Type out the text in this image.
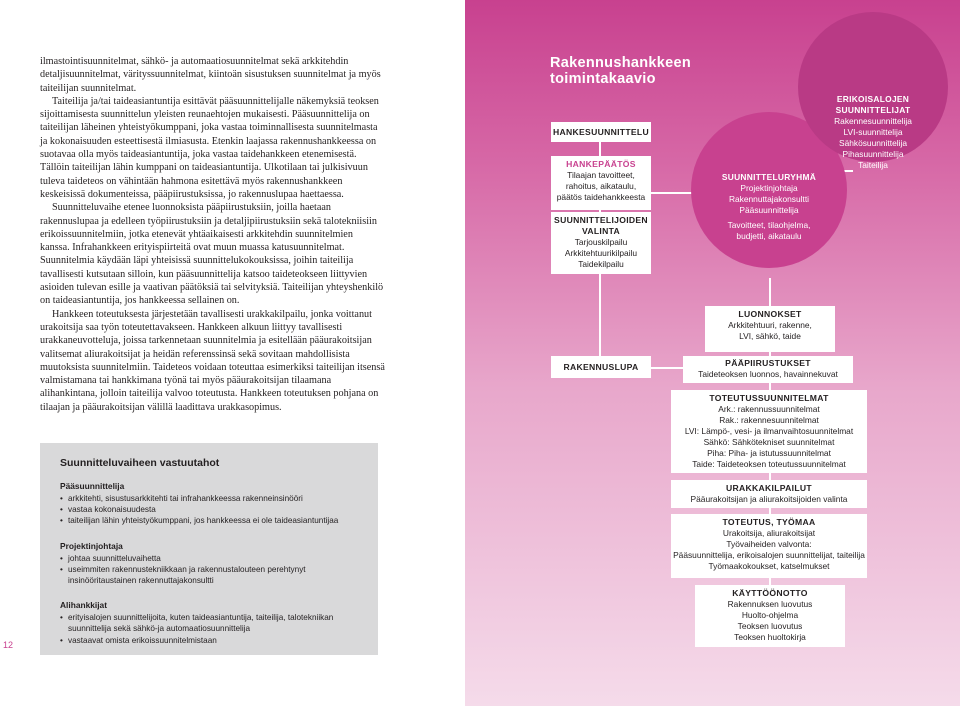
ilmastointisuunnitelmat, sähkö- ja automaatiosuunnitelmat sekä arkkitehdin detaljisuunnitelmat, värityssuunnitelmat, kiintoän sisustuksen suunnitelmat ja myös taiteilijan suunnitelmat.

Taiteilija ja/tai taideasiantuntija esittävät pääsuunnittelijalle näkemyksiä teoksen sijoittamisesta suunnittelun yleisten reunaehtojen mukaisesti. Pääsuunnittelija on taiteilijan läheinen yhteistyökumppani, joka vastaa toiminnallisesta suunnitelmasta ja kokonaisuuden esteettisestä ilmiasusta. Etenkin laajassa rakennushankkeessa on suotavaa olla myös taideasiantuntija, joka vastaa taidehankkeen etenemisestä. Tällöin taiteilijan lähin kumppani on taideasiantuntija. Ulkotilaan tai julkisivuun tuleva taideteos on vähintään hahmona esitettävä myös rakennushankkeen keskeisissä dokumenteissa, pääpiirustuksissa, jo rakennuslupaa haettaessa.

Suunnitteluvaihe etenee luonnoksista pääpiirustuksiin, joilla haetaan rakennuslupaa ja edelleen työpiirustuksiin ja detaljipiirustuksiin sekä talotekniisiin erikoissuunnitelmiin, jotka etenevät yhtäaikaisesti arkkitehdin suunnitelmien kanssa. Infrahankkeen erityispiirteitä ovat muun muassa katusuunnitelmat. Suunnitelmia käydään läpi yhteisissä suunnittelukokouksissa, joihin taiteilija tavallisesti kutsutaan silloin, kun pääsuunnittelija katsoo taideteokseen liittyvien asioiden tulevan esille ja vaativan päätöksiä tai selvityksiä. Taiteilijan yhteyshenkilö on taideasiantuntija, jos hankkeessa sellainen on.

Hankkeen toteutuksesta järjestetään tavallisesti urakkakilpailu, jonka voittanut urakoitsija saa työn toteutettavakseen. Hankkeen alkuun liittyy tavallisesti urakkaneuvotteluja, joissa tarkennetaan suunnitelmia ja esitellään pääurakoitsijan valitsemat aliurakoitsijat ja heidän referenssinsä sekä sovitaan mahdollisista muutoksista suunnitelmiin. Taideteos voidaan toteuttaa esimerkiksi taiteilijan itsensä valmistamana tai hankkimana työnä tai myös pääurakoitsijan tilaamana alihankintana, jolloin taiteilija valvoo toteutusta. Hankkeen toteutuksen pohjana on tilaajan ja pääurakoitsijan välillä laadittava urakkasopimus.

Suunnitteluvaiheen vastuutahot
Pääsuunnittelija
• arkkitehti, sisustusarkkitehti tai infrahankkeessa rakenneinsinööri
• vastaa kokonaisuudesta
• taiteilijan lähin yhteistyökumppani, jos hankkeessa ei ole taideasiantuntijaa
Projektinjohtaja
• johtaa suunnitteluvaihetta
• useimmiten rakennustekniikkaan ja rakennustalouteen perehtynyt insinööritaustainen rakennuttajakonsultti
Alihankkijat
• erityisalojen suunnittelijoita, kuten taideasiantuntija, taiteilija, talotekniikan suunnittelija sekä sähkö-ja automaatiosuunnittelija
• vastaavat omista erikoissuunnitelmistaan
12
Rakennushankkeen toimintakaavio
HANKESUUNNITTELU
HANKEPÄÄTÖS
Tilaajan tavoitteet,
rahoitus, aikataulu,
päätös taidehankkeesta
SUUNNITTELIJOIDEN
VALINTA
Tarjouskilpailu
Arkkitehtuurikilpailu
Taidekilpailu
SUUNNITTELURYHMÄ
Projektinjohtaja
Rakennuttajakonsultti
Pääsuunnittelija
Tavoitteet, tilaohjelma,
budjetti, aikataulu
ERIKOISALOJEN
SUUNNITTELIJAT
Rakennesuunnittelija
LVI-suunnittelija
Sähkösuunnittelija
Pihasuunnittelija
Taiteilija
RAKENNUSLUPA
LUONNOKSET
Arkkitehtuuri, rakenne,
LVI, sähkö, taide
PÄÄPIIRUSTUKSET
Taideteoksen luonnos, havainnekuvat
TOTEUTUSSUUNNITELMAT
Ark.: rakennussuunnitelmat
Rak.: rakennesuunnitelmat
LVI: Lämpö-, vesi- ja ilmanvaihtosuunnitelmat
Sähkö: Sähkötekniset suunnitelmat
Piha: Piha- ja istutussuunnitelmat
Taide: Taideteoksen toteutussuunnitelmat
URAKKAKILPAILUT
Pääurakoitsijan ja aliurakoitsijoiden valinta
TOTEUTUS, TYÖMAA
Urakoitsija, aliurakoitsijat
Työvaiheiden valvonta:
Pääsuunnittelija, erikoisalojen suunnittelijat, taiteilija
Työmaakokoukset, katselmukset
KÄYTTÖÖNOTTO
Rakennuksen luovutus
Huolto-ohjelma
Teoksen luovutus
Teoksen huoltokirja
